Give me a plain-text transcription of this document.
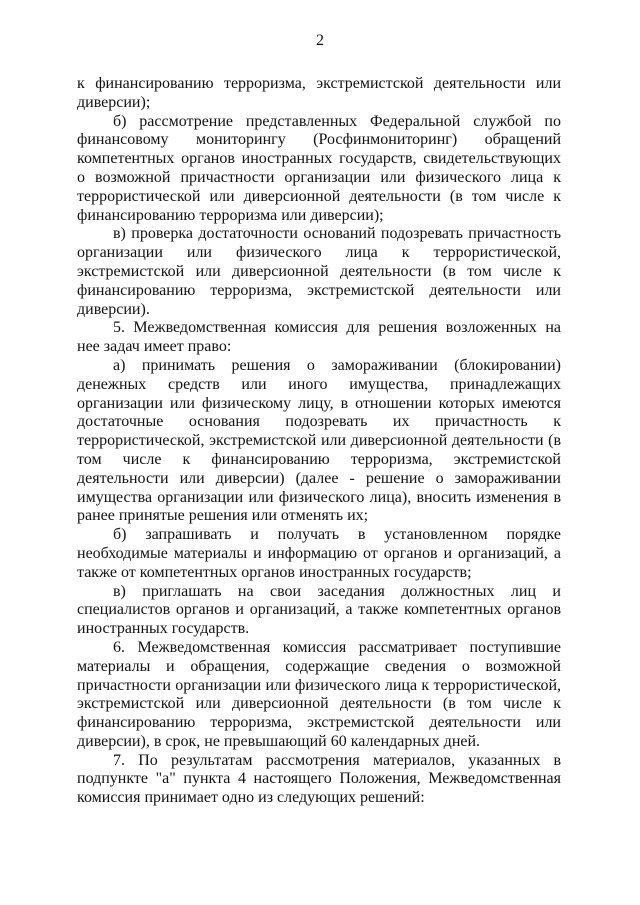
2

к финансированию терроризма, экстремистской деятельности или диверсии);

б) рассмотрение представленных Федеральной службой по финансовому мониторингу (Росфинмониторинг) обращений компетентных органов иностранных государств, свидетельствующих о возможной причастности организации или физического лица к террористической или диверсионной деятельности (в том числе к финансированию терроризма или диверсии);

в) проверка достаточности оснований подозревать причастность организации или физического лица к террористической, экстремистской или диверсионной деятельности (в том числе к финансированию терроризма, экстремистской деятельности или диверсии).

5. Межведомственная комиссия для решения возложенных на нее задач имеет право:

а) принимать решения о замораживании (блокировании) денежных средств или иного имущества, принадлежащих организации или физическому лицу, в отношении которых имеются достаточные основания подозревать их причастность к террористической, экстремистской или диверсионной деятельности (в том числе к финансированию терроризма, экстремистской деятельности или диверсии) (далее - решение о замораживании имущества организации или физического лица), вносить изменения в ранее принятые решения или отменять их;

б) запрашивать и получать в установленном порядке необходимые материалы и информацию от органов и организаций, а также от компетентных органов иностранных государств;

в) приглашать на свои заседания должностных лиц и специалистов органов и организаций, а также компетентных органов иностранных государств.

6. Межведомственная комиссия рассматривает поступившие материалы и обращения, содержащие сведения о возможной причастности организации или физического лица к террористической, экстремистской или диверсионной деятельности (в том числе к финансированию терроризма, экстремистской деятельности или диверсии), в срок, не превышающий 60 календарных дней.

7. По результатам рассмотрения материалов, указанных в подпункте "а" пункта 4 настоящего Положения, Межведомственная комиссия принимает одно из следующих решений:
